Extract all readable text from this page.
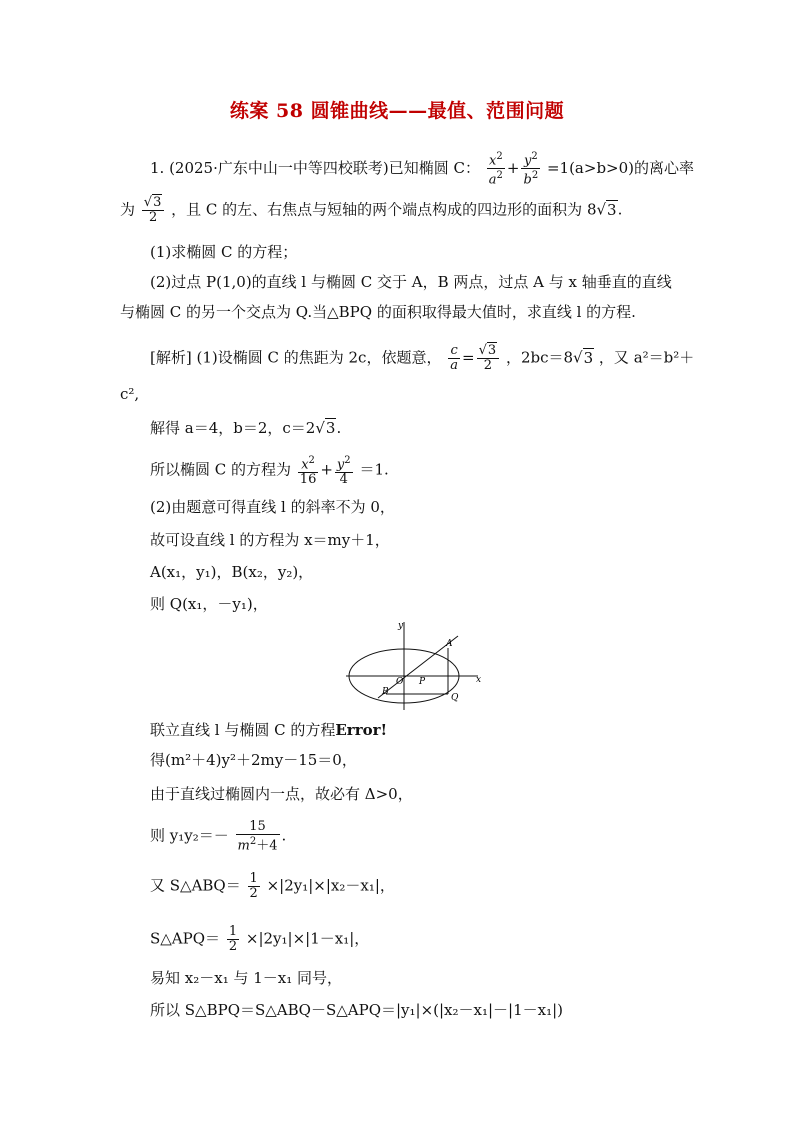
练案 58 圆锥曲线——最值、范围问题
1. (2025·广东中山一中等四校联考)已知椭圆 C： $\frac{x^2}{a^2} + \frac{y^2}{b^2} =1(a>b>0)$的离心率
为 $\frac{√3}{2}$ ，且 C 的左、右焦点与短轴的两个端点构成的四边形的面积为 8√3.
(1)求椭圆 C 的方程；
(2)过点 P(1,0)的直线 l 与椭圆 C 交于 A，B 两点，过点 A 与 x 轴垂直的直线
与椭圆 C 的另一个交点为 Q.当△BPQ 的面积取得最大值时，求直线 l 的方程.
[解析] (1)设椭圆 C 的焦距为 2c，依题意， $\frac{c}{a} = \frac{√3}{2}$ ，2bc＝8√3 ，又 a²＝b²＋
c²,
解得 a＝4，b＝2，c＝2√3.
所以椭圆 C 的方程为 $\frac{x^2}{16} + \frac{y^2}{4} =1$.
(2)由题意可得直线 l 的斜率不为 0，
故可设直线 l 的方程为 x＝my＋1，
A(x₁，y₁)，B(x₂，y₂)，
则 Q(x₁，－y₁)，
y
x
O P
A
B
Q
联立直线 l 与椭圆 C 的方程Error!
得(m²＋4)y²＋2my－15＝0，
由于直线过椭圆内一点，故必有 Δ>0，
则 $y_1y_2=- \frac{15}{m^2+4}$ .
又 S△ABQ＝ $\frac{1}{2} \times|2y_1|\times|x_2-x_1|$，
S△APQ＝ $\frac{1}{2} \times|2y_1|\times|1-x_1|$，
易知 x₂－x₁ 与 1－x₁ 同号，
所以 S△BPQ＝S△ABQ－S△APQ＝|y₁|×(|x₂－x₁|－|1－x₁|)
